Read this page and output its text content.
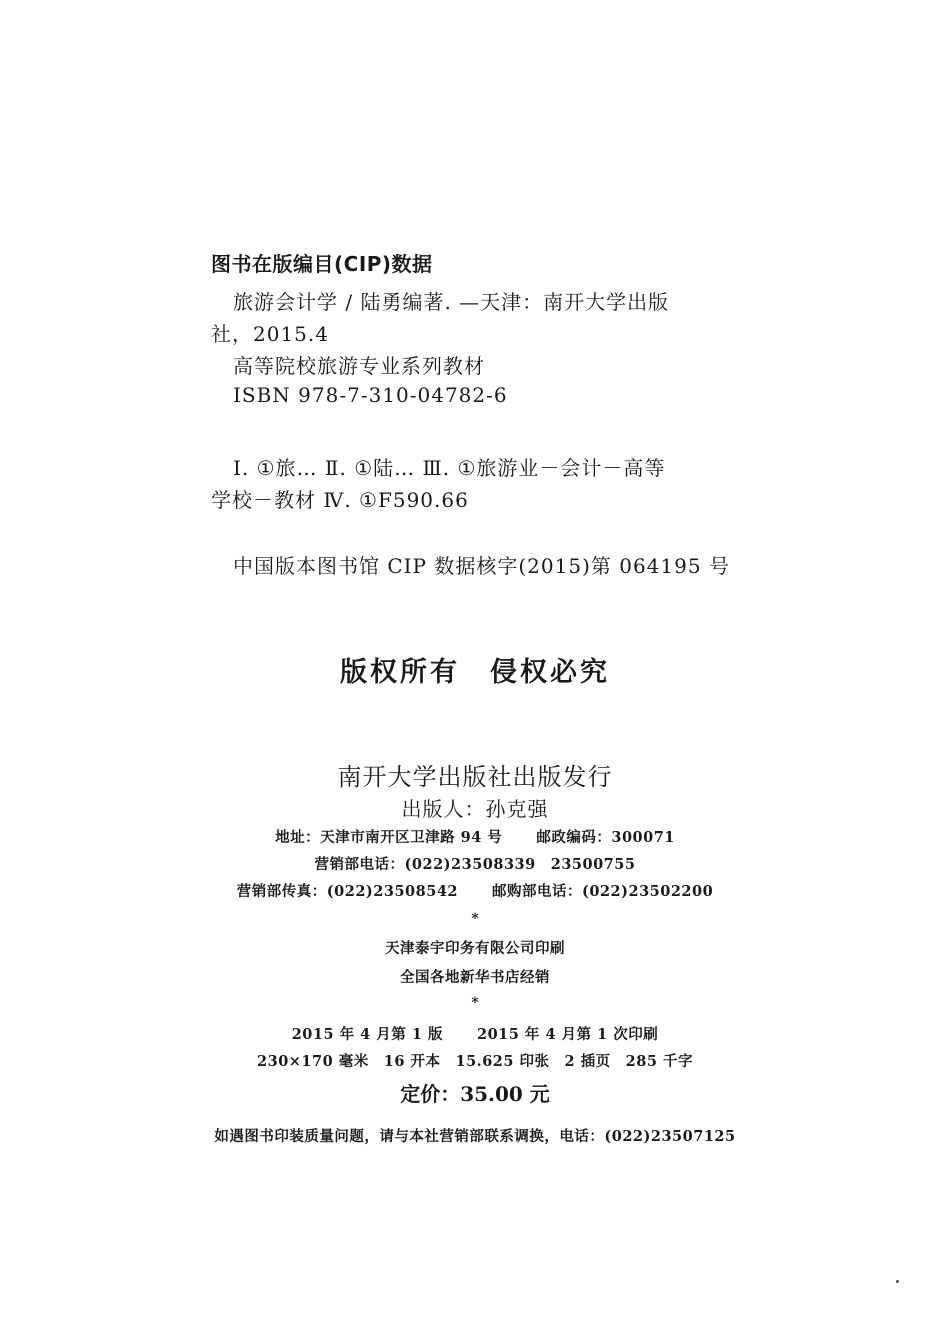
图书在版编目(CIP)数据
旅游会计学 / 陆勇编著. —天津：南开大学出版
社，2015.4
高等院校旅游专业系列教材
ISBN 978-7-310-04782-6
Ⅰ. ①旅… Ⅱ. ①陆… Ⅲ. ①旅游业－会计－高等
学校－教材 Ⅳ. ①F590.66
中国版本图书馆 CIP 数据核字(2015)第 064195 号
版权所有　侵权必究
南开大学出版社出版发行
出版人：孙克强
地址：天津市南开区卫津路 94 号 邮政编码：300071
营销部电话：(022)23508339　23500755
营销部传真：(022)23508542 邮购部电话：(022)23502200
*
天津泰宇印务有限公司印刷
全国各地新华书店经销
*
2015 年 4 月第 1 版 2015 年 4 月第 1 次印刷
230×170 毫米　16 开本　15.625 印张　2 插页　285 千字
定价：35.00 元
如遇图书印装质量问题，请与本社营销部联系调换，电话：(022)23507125
